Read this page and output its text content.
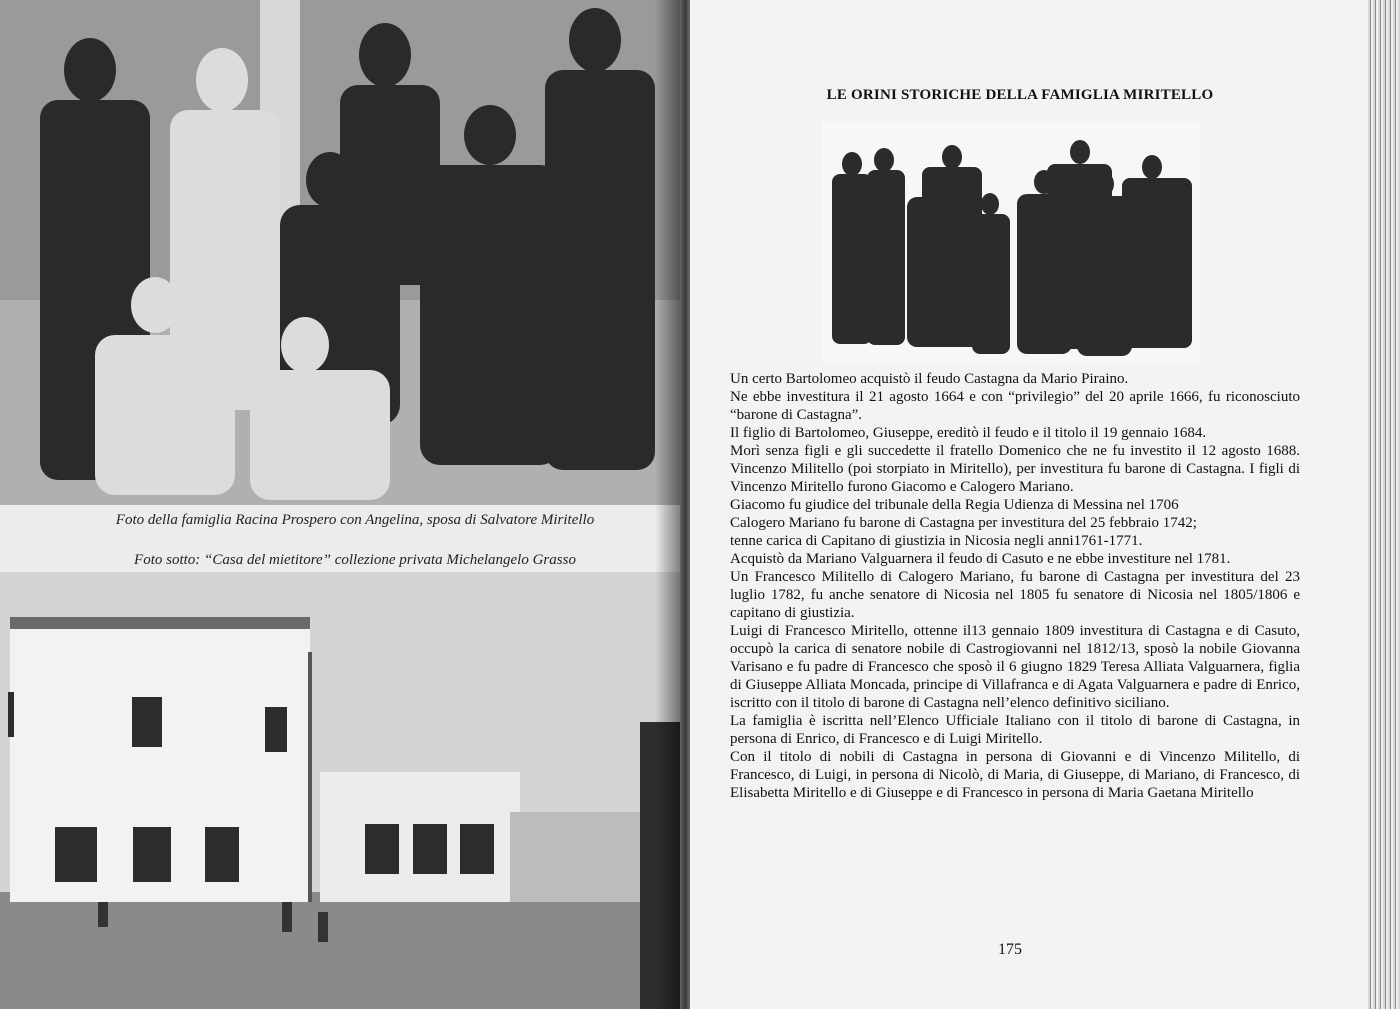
Foto della famiglia Racina Prospero con Angelina, sposa di Salvatore Miritello
Foto sotto: “Casa del mietitore” collezione privata Michelangelo Grasso
LE ORINI STORICHE DELLA FAMIGLIA MIRITELLO

Un certo Bartolomeo acquistò il feudo Castagna da Mario Piraino.

Ne ebbe investitura il 21 agosto 1664 e con “privilegio” del 20 aprile 1666, fu riconosciuto “barone di Castagna”.

Il figlio di Bartolomeo, Giuseppe, ereditò il feudo e il titolo il 19 gennaio 1684.

Morì senza figli e gli succedette il fratello Domenico che ne fu investito il 12 agosto 1688. Vincenzo Militello (poi storpiato in Miritello), per investitura fu barone di Castagna. I figli di Vincenzo Miritello furono Giacomo e Calogero Mariano.

Giacomo fu giudice del tribunale della Regia Udienza di Messina nel 1706

Calogero Mariano fu barone di Castagna per investitura del 25 febbraio 1742;

tenne carica di Capitano di giustizia in Nicosia negli anni1761-1771.

Acquistò da Mariano Valguarnera il feudo di Casuto e ne ebbe investiture nel 1781.

Un Francesco Militello di Calogero Mariano, fu barone di Castagna per investitura del 23 luglio 1782, fu anche senatore di Nicosia nel 1805 fu senatore di Nicosia nel 1805/1806 e capitano di giustizia.

Luigi di Francesco Miritello, ottenne il13 gennaio 1809 investitura di Castagna e di Casuto, occupò la carica di senatore nobile di Castrogiovanni nel 1812/13, sposò la nobile Giovanna Varisano e fu padre di Francesco che sposò il 6 giugno 1829 Teresa Alliata Valguarnera, figlia di Giuseppe Alliata Moncada, principe di Villafranca e di Agata Valguarnera e padre di Enrico, iscritto con il titolo di barone di Castagna nell’elenco definitivo siciliano.

La famiglia è iscritta nell’Elenco Ufficiale Italiano con il titolo di barone di Castagna, in persona di Enrico, di Francesco e di Luigi Miritello.

Con il titolo di nobili di Castagna in persona di Giovanni e di Vincenzo Militello, di Francesco, di Luigi, in persona di Nicolò, di Maria, di Giuseppe, di Mariano, di Francesco, di Elisabetta Miritello e di Giuseppe e di Francesco in persona di Maria Gaetana Miritello

175
